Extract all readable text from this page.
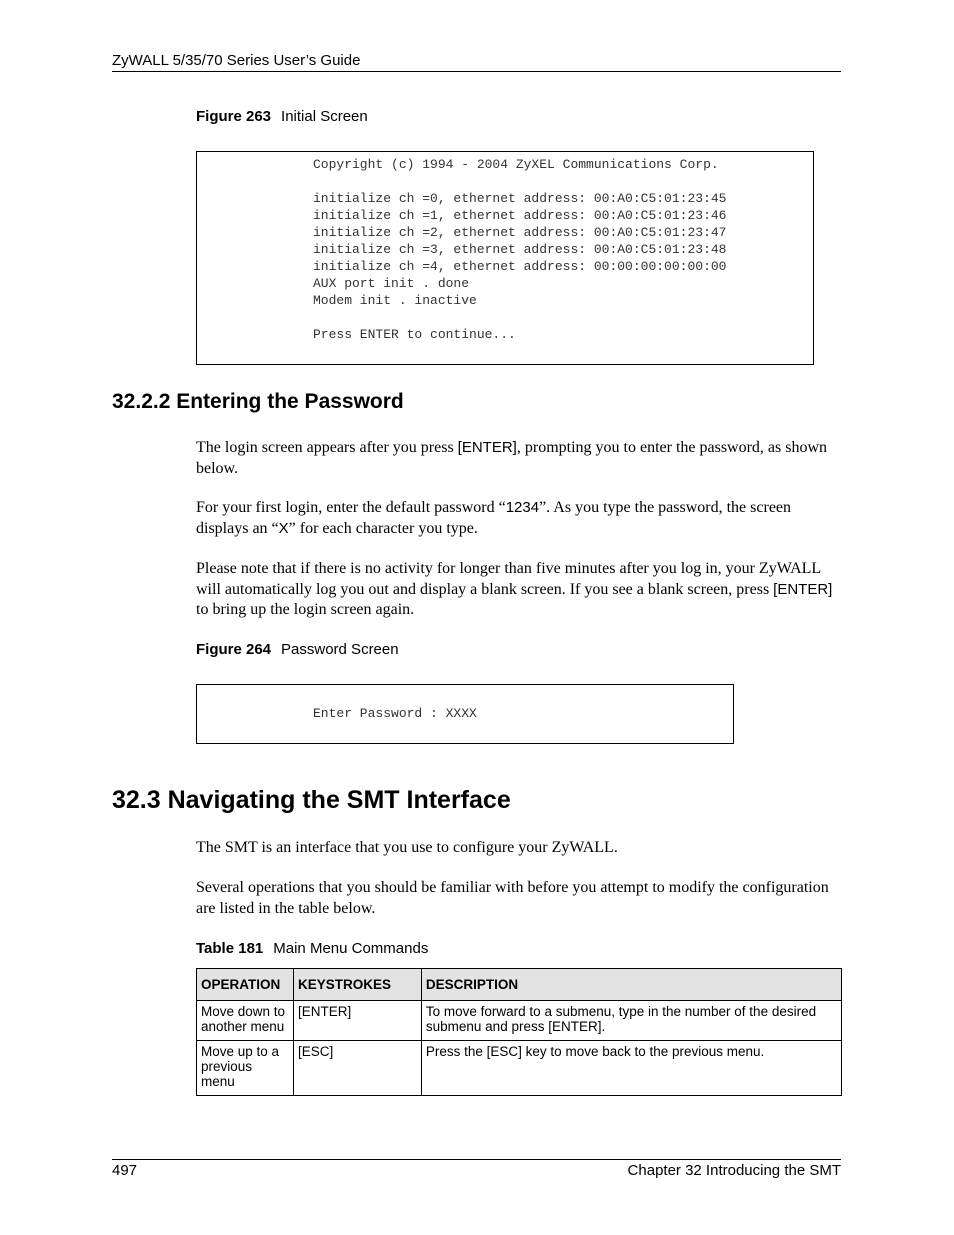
ZyWALL 5/35/70 Series User’s Guide
Figure 263 Initial Screen
Copyright (c) 1994 - 2004 ZyXEL Communications Corp.
initialize ch =0, ethernet address: 00:A0:C5:01:23:45
initialize ch =1, ethernet address: 00:A0:C5:01:23:46
initialize ch =2, ethernet address: 00:A0:C5:01:23:47
initialize ch =3, ethernet address: 00:A0:C5:01:23:48
initialize ch =4, ethernet address: 00:00:00:00:00:00
AUX port init . done
Modem init . inactive
Press ENTER to continue...
32.2.2 Entering the Password
The login screen appears after you press [ENTER], prompting you to enter the password, as shown below.
For your first login, enter the default password “1234”. As you type the password, the screen displays an “X” for each character you type.
Please note that if there is no activity for longer than five minutes after you log in, your ZyWALL will automatically log you out and display a blank screen. If you see a blank screen, press [ENTER] to bring up the login screen again.
Figure 264 Password Screen
Enter Password : XXXX
32.3 Navigating the SMT Interface
The SMT is an interface that you use to configure your ZyWALL.
Several operations that you should be familiar with before you attempt to modify the configuration are listed in the table below.
Table 181 Main Menu Commands
OPERATION	KEYSTROKES	DESCRIPTION
Move down to another menu	[ENTER]	To move forward to a submenu, type in the number of the desired submenu and press [ENTER].
Move up to a previous menu	[ESC]	Press the [ESC] key to move back to the previous menu.
497	Chapter 32 Introducing the SMT
